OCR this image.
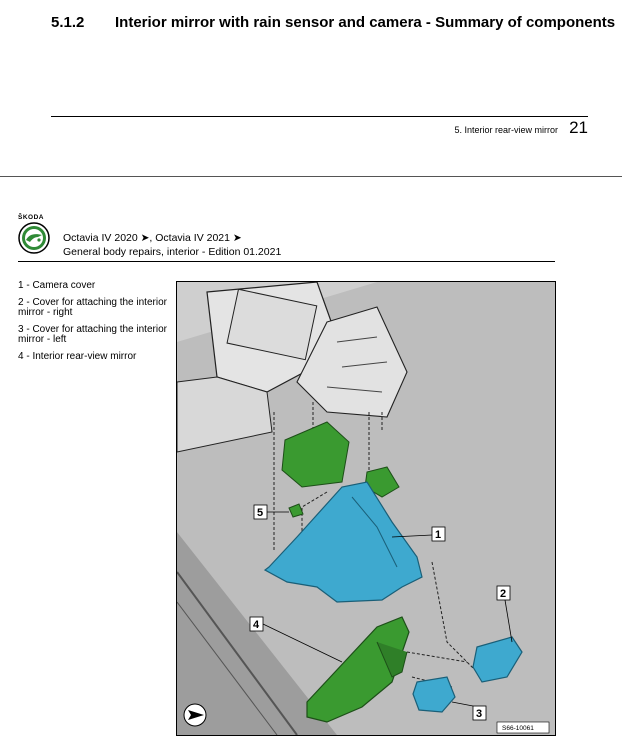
5.1.2 Interior mirror with rain sensor and camera - Summary of components
5. Interior rear-view mirror 21
ŠKODA
Octavia IV 2020 ➤, Octavia IV 2021 ➤
General body repairs, interior - Edition 01.2021
1 - Camera cover
2 - Cover for attaching the interior mirror - right
3 - Cover for attaching the interior mirror - left
4 - Interior rear-view mirror
1
2
3
4
5
S66-10061
